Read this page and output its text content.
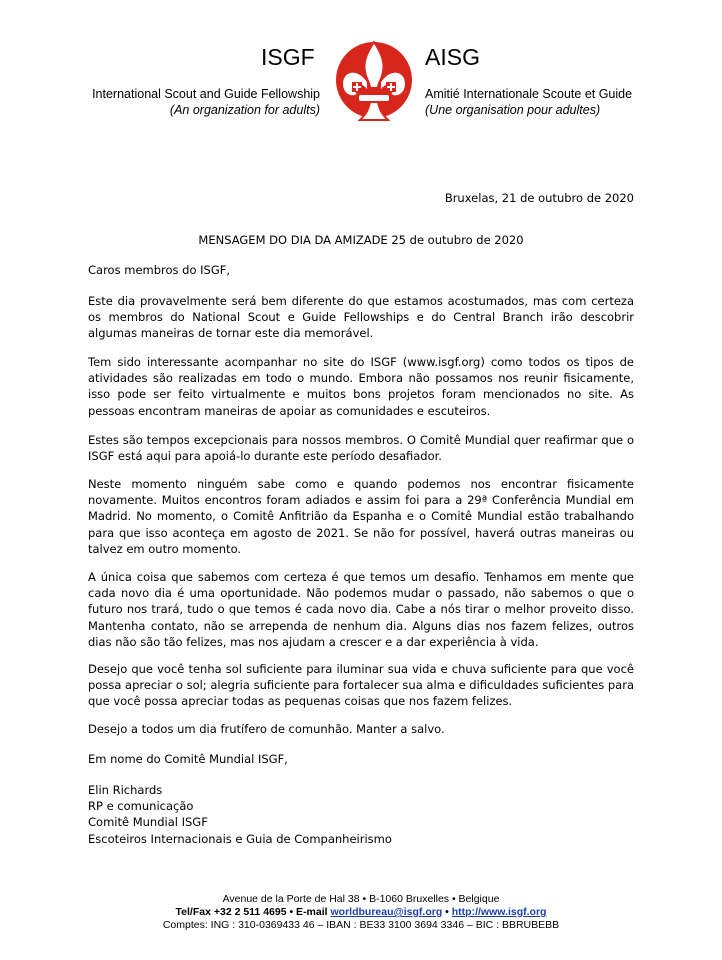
ISGF	AISG
International Scout and Guide Fellowship
(An organization for adults)
Amitié Internationale Scoute et Guide
(Une organisation pour adultes)
Bruxelas, 21 de outubro de 2020
MENSAGEM DO DIA DA AMIZADE 25 de outubro de 2020
Caros membros do ISGF,
Este dia provavelmente será bem diferente do que estamos acostumados, mas com certeza os membros do National Scout e Guide Fellowships e do Central Branch irão descobrir algumas maneiras de tornar este dia memorável.
Tem sido interessante acompanhar no site do ISGF (www.isgf.org) como todos os tipos de atividades são realizadas em todo o mundo. Embora não possamos nos reunir fisicamente, isso pode ser feito virtualmente e muitos bons projetos foram mencionados no site. As pessoas encontram maneiras de apoiar as comunidades e escuteiros.
Estes são tempos excepcionais para nossos membros. O Comitê Mundial quer reafirmar que o ISGF está aqui para apoiá-lo durante este período desafiador.
Neste momento ninguém sabe como e quando podemos nos encontrar fisicamente novamente. Muitos encontros foram adiados e assim foi para a 29ª Conferência Mundial em Madrid. No momento, o Comitê Anfitrião da Espanha e o Comitê Mundial estão trabalhando para que isso aconteça em agosto de 2021. Se não for possível, haverá outras maneiras ou talvez em outro momento.
A única coisa que sabemos com certeza é que temos um desafio. Tenhamos em mente que cada novo dia é uma oportunidade. Não podemos mudar o passado, não sabemos o que o futuro nos trará, tudo o que temos é cada novo dia. Cabe a nós tirar o melhor proveito disso. Mantenha contato, não se arrependa de nenhum dia. Alguns dias nos fazem felizes, outros dias não são tão felizes, mas nos ajudam a crescer e a dar experiência à vida.
Desejo que você tenha sol suficiente para iluminar sua vida e chuva suficiente para que você possa apreciar o sol; alegria suficiente para fortalecer sua alma e dificuldades suficientes para que você possa apreciar todas as pequenas coisas que nos fazem felizes.
Desejo a todos um dia frutífero de comunhão. Manter a salvo.
Em nome do Comitê Mundial ISGF,
Elin Richards
RP e comunicação
Comitê Mundial ISGF
Escoteiros Internacionais e Guia de Companheirismo
Avenue de la Porte de Hal 38 • B-1060 Bruxelles • Belgique
Tel/Fax +32 2 511 4695 • E-mail worldbureau@isgf.org • http://www.isgf.org
Comptes: ING : 310-0369433 46 – IBAN : BE33 3100 3694 3346 – BIC : BBRUBEBB
